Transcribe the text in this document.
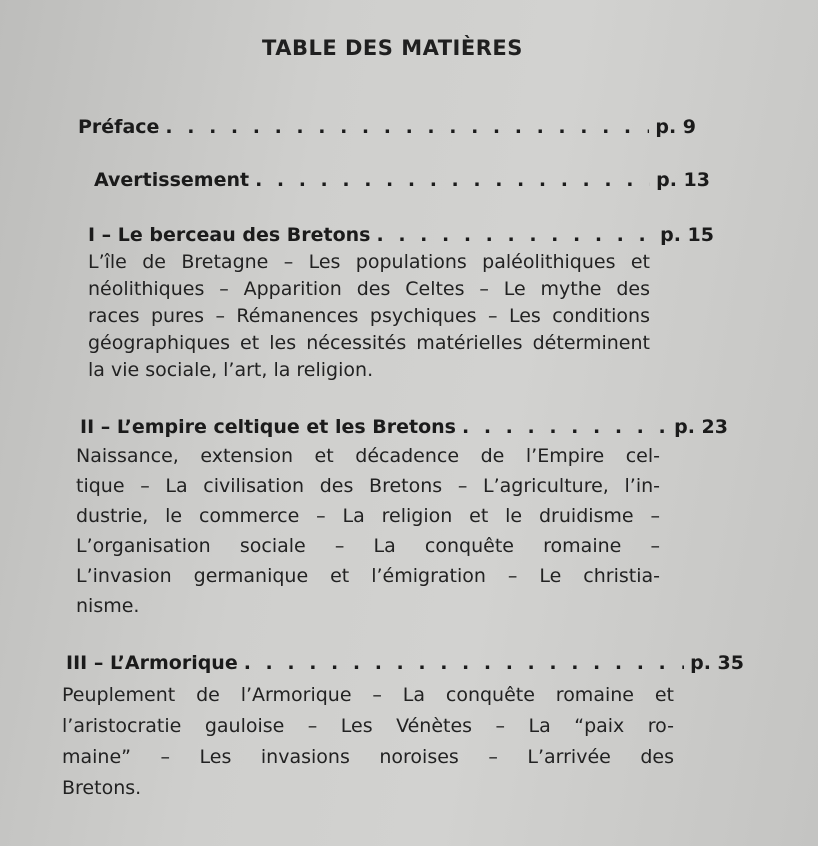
TABLE DES MATIÈRES
Préface . . .	p. 9
Avertissement . . .	p. 13
I – Le berceau des Bretons . . .	p. 15
L’île de Bretagne – Les populations paléolithiques et
néolithiques – Apparition des Celtes – Le mythe des
races pures – Rémanences psychiques – Les conditions
géographiques et les nécessités matérielles déterminent
la vie sociale, l’art, la religion.
II – L’empire celtique et les Bretons . . .	p. 23
Naissance, extension et décadence de l’Empire cel-
tique – La civilisation des Bretons – L’agriculture, l’in-
dustrie, le commerce – La religion et le druidisme –
L’organisation sociale – La conquête romaine –
L’invasion germanique et l’émigration – Le christia-
nisme.
III – L’Armorique . . .	p. 35
Peuplement de l’Armorique – La conquête romaine et
l’aristocratie gauloise – Les Vénètes – La “paix ro-
maine” – Les invasions noroises – L’arrivée des
Bretons.
